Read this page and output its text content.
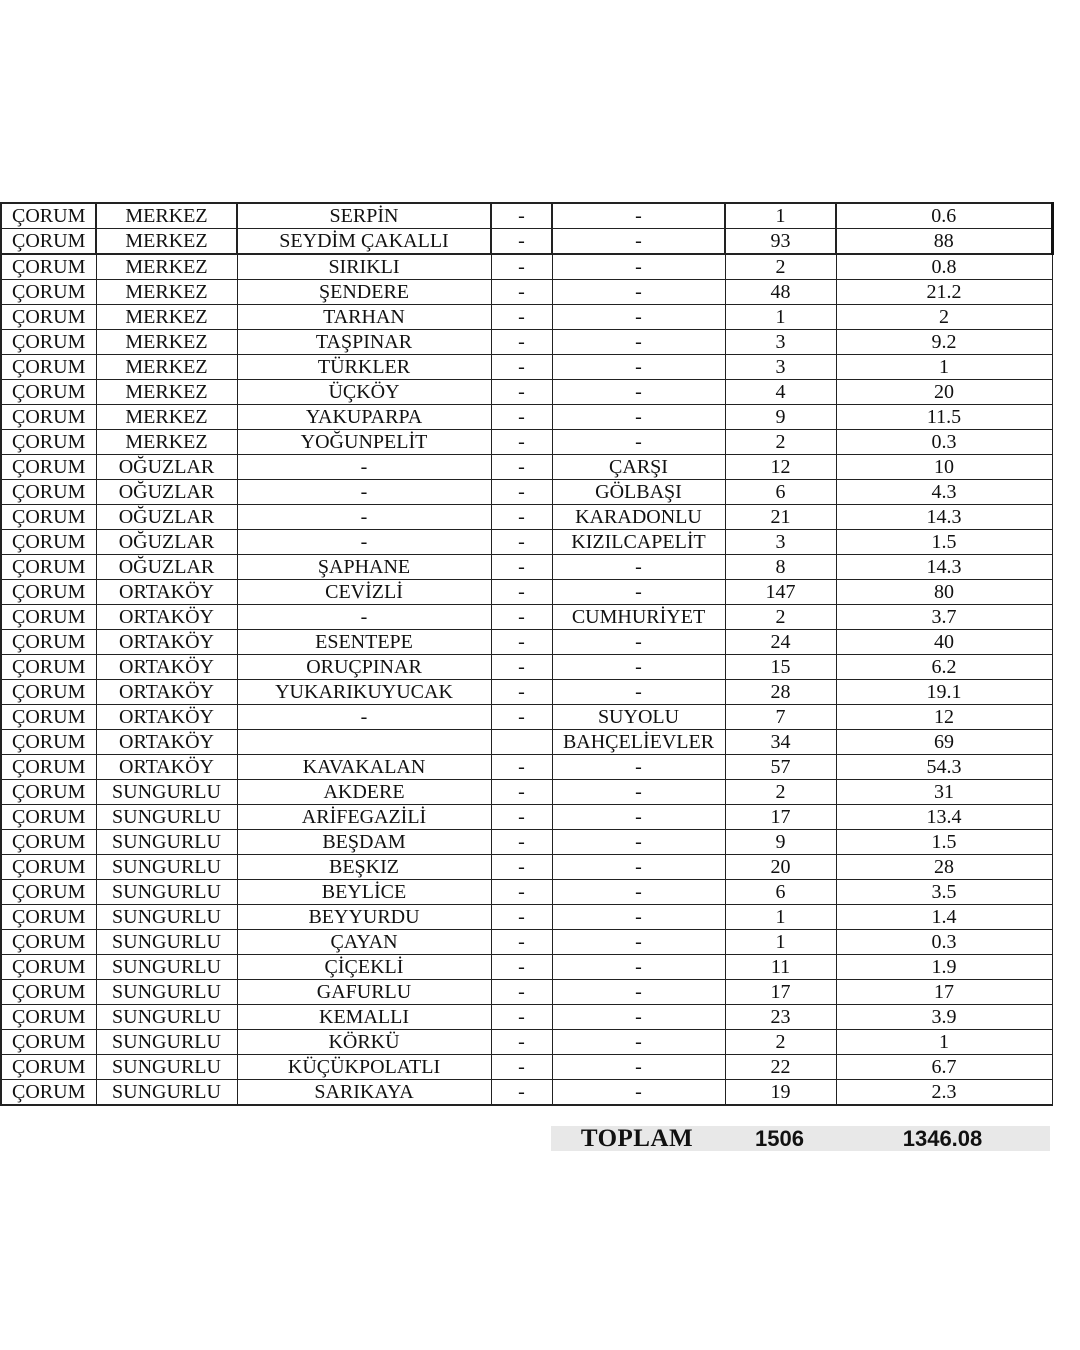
ÇORUM	MERKEZ	SERPİN	-	-	1	0.6
ÇORUM	MERKEZ	SEYDİM ÇAKALLI	-	-	93	88
ÇORUM	MERKEZ	SIRIKLI	-	-	2	0.8
ÇORUM	MERKEZ	ŞENDERE	-	-	48	21.2
ÇORUM	MERKEZ	TARHAN	-	-	1	2
ÇORUM	MERKEZ	TAŞPINAR	-	-	3	9.2
ÇORUM	MERKEZ	TÜRKLER	-	-	3	1
ÇORUM	MERKEZ	ÜÇKÖY	-	-	4	20
ÇORUM	MERKEZ	YAKUPARPA	-	-	9	11.5
ÇORUM	MERKEZ	YOĞUNPELİT	-	-	2	0.3
ÇORUM	OĞUZLAR	-	-	ÇARŞI	12	10
ÇORUM	OĞUZLAR	-	-	GÖLBAŞI	6	4.3
ÇORUM	OĞUZLAR	-	-	KARADONLU	21	14.3
ÇORUM	OĞUZLAR	-	-	KIZILCAPELİT	3	1.5
ÇORUM	OĞUZLAR	ŞAPHANE	-	-	8	14.3
ÇORUM	ORTAKÖY	CEVİZLİ	-	-	147	80
ÇORUM	ORTAKÖY	-	-	CUMHURİYET	2	3.7
ÇORUM	ORTAKÖY	ESENTEPE	-	-	24	40
ÇORUM	ORTAKÖY	ORUÇPINAR	-	-	15	6.2
ÇORUM	ORTAKÖY	YUKARIKUYUCAK	-	-	28	19.1
ÇORUM	ORTAKÖY	-	-	SUYOLU	7	12
ÇORUM	ORTAKÖY			BAHÇELİEVLER	34	69
ÇORUM	ORTAKÖY	KAVAKALAN	-	-	57	54.3
ÇORUM	SUNGURLU	AKDERE	-	-	2	31
ÇORUM	SUNGURLU	ARİFEGAZİLİ	-	-	17	13.4
ÇORUM	SUNGURLU	BEŞDAM	-	-	9	1.5
ÇORUM	SUNGURLU	BEŞKIZ	-	-	20	28
ÇORUM	SUNGURLU	BEYLİCE	-	-	6	3.5
ÇORUM	SUNGURLU	BEYYURDU	-	-	1	1.4
ÇORUM	SUNGURLU	ÇAYAN	-	-	1	0.3
ÇORUM	SUNGURLU	ÇİÇEKLİ	-	-	11	1.9
ÇORUM	SUNGURLU	GAFURLU	-	-	17	17
ÇORUM	SUNGURLU	KEMALLI	-	-	23	3.9
ÇORUM	SUNGURLU	KÖRKÜ	-	-	2	1
ÇORUM	SUNGURLU	KÜÇÜKPOLATLI	-	-	22	6.7
ÇORUM	SUNGURLU	SARIKAYA	-	-	19	2.3
TOPLAM	1506	1346.08
